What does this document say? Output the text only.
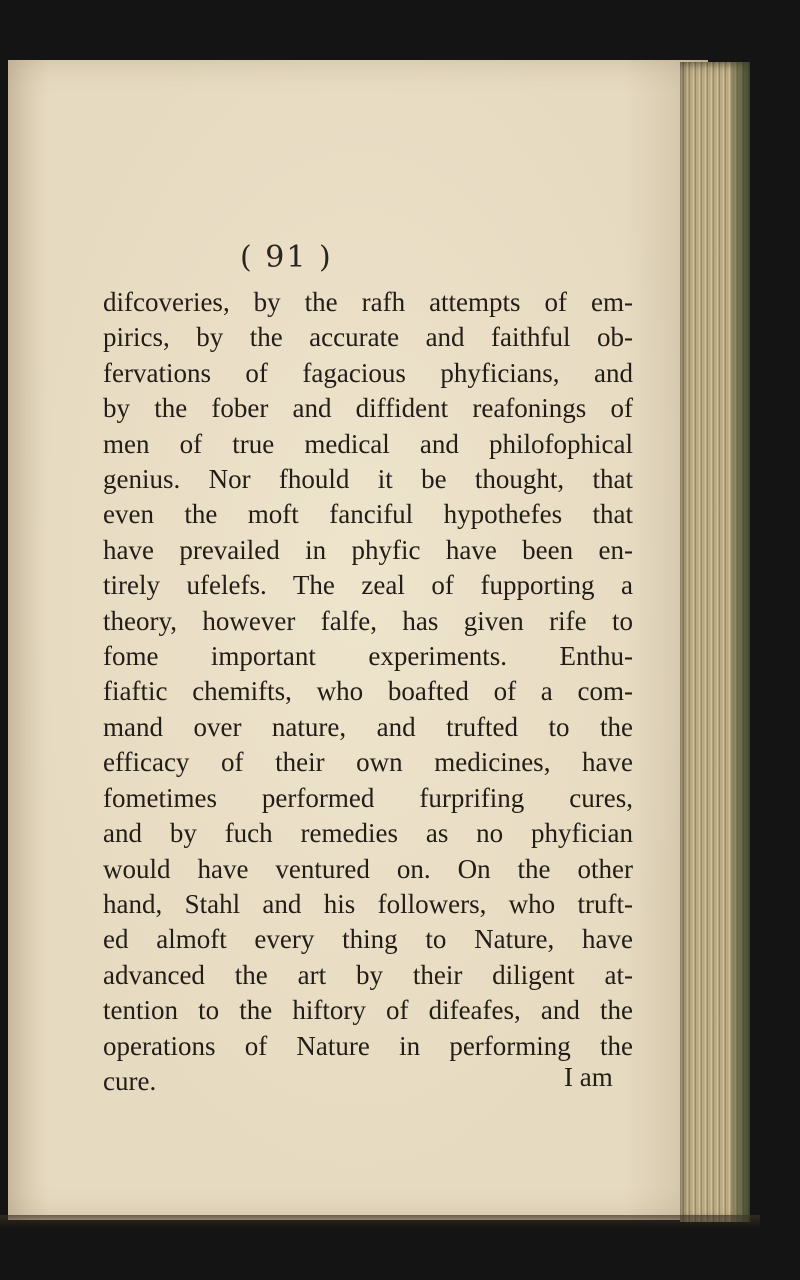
( 91 )
difcoveries, by the rafh attempts of em-
pirics, by the accurate and faithful ob-
fervations of fagacious phyficians, and
by the fober and diffident reafonings of
men of true medical and philofophical
genius. Nor fhould it be thought, that
even the moft fanciful hypothefes that
have prevailed in phyfic have been en-
tirely ufelefs. The zeal of fupporting a
theory, however falfe, has given rife to
fome important experiments. Enthu-
fiaftic chemifts, who boafted of a com-
mand over nature, and trufted to the
efficacy of their own medicines, have
fometimes performed furprifing cures,
and by fuch remedies as no phyfician
would have ventured on. On the other
hand, Stahl and his followers, who truft-
ed almoft every thing to Nature, have
advanced the art by their diligent at-
tention to the hiftory of difeafes, and the
operations of Nature in performing the
cure.	I am
